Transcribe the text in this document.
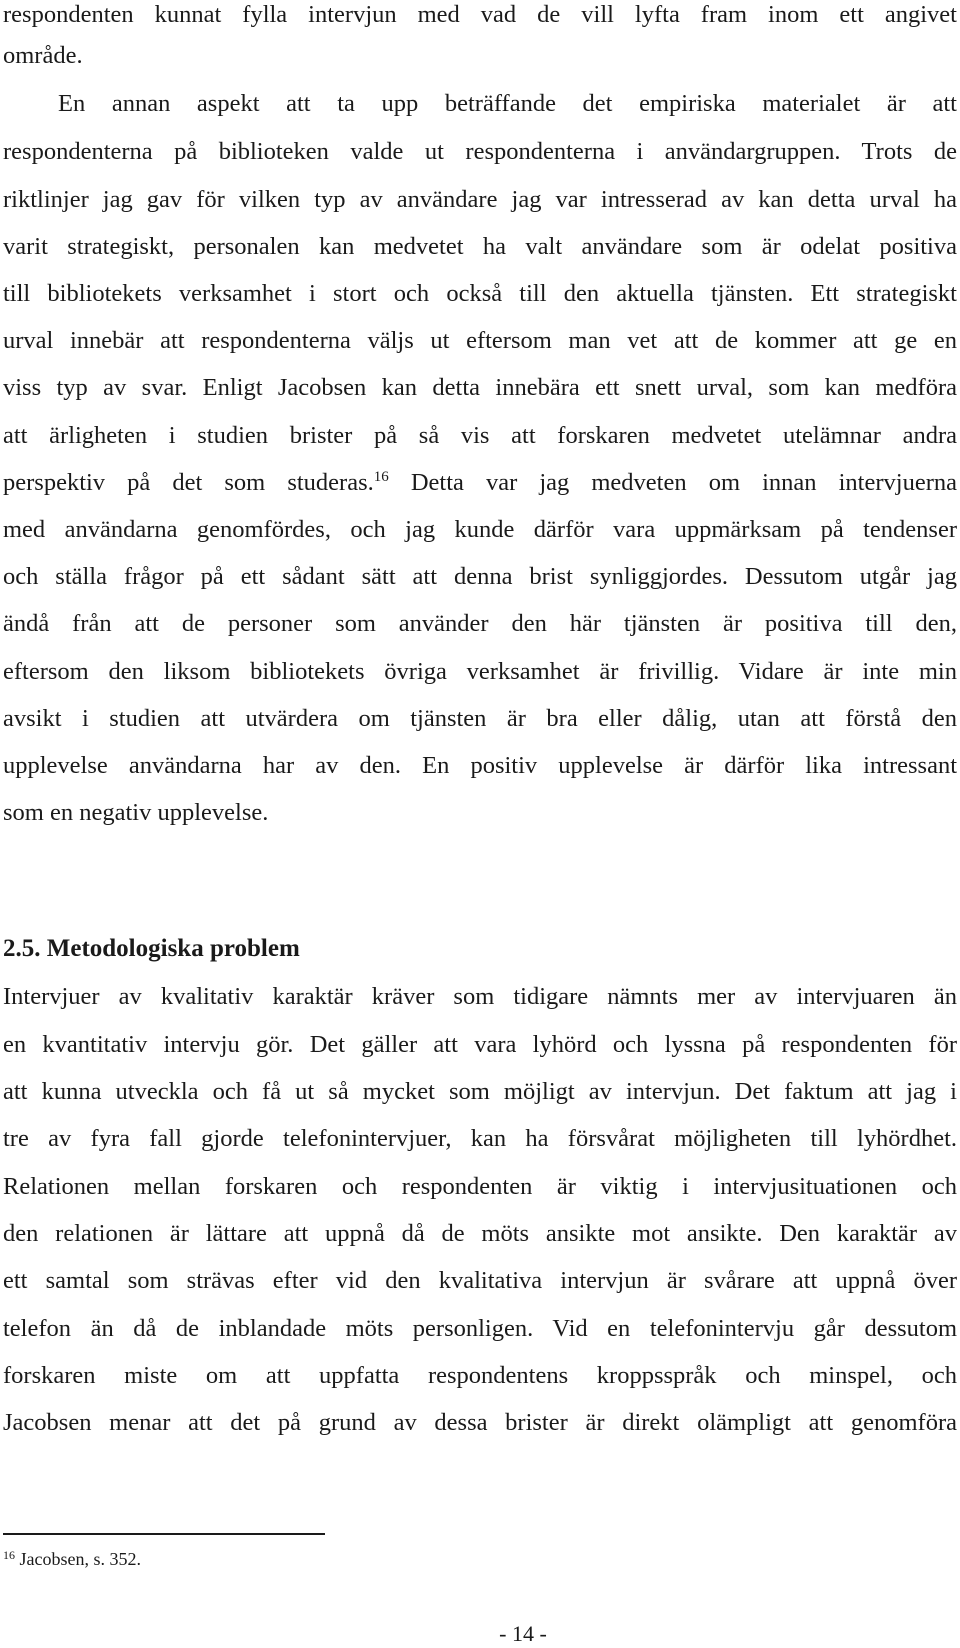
respondenten kunnat fylla intervjun med vad de vill lyfta fram inom ett angivet
område.
En annan aspekt att ta upp beträffande det empiriska materialet är att
respondenterna på biblioteken valde ut respondenterna i användargruppen. Trots de
riktlinjer jag gav för vilken typ av användare jag var intresserad av kan detta urval ha
varit strategiskt, personalen kan medvetet ha valt användare som är odelat positiva
till bibliotekets verksamhet i stort och också till den aktuella tjänsten. Ett strategiskt
urval innebär att respondenterna väljs ut eftersom man vet att de kommer att ge en
viss typ av svar. Enligt Jacobsen kan detta innebära ett snett urval, som kan medföra
att ärligheten i studien brister på så vis att forskaren medvetet utelämnar andra
perspektiv på det som studeras.$^{16}$ Detta var jag medveten om innan intervjuerna
med användarna genomfördes, och jag kunde därför vara uppmärksam på tendenser
och ställa frågor på ett sådant sätt att denna brist synliggjordes. Dessutom utgår jag
ändå från att de personer som använder den här tjänsten är positiva till den,
eftersom den liksom bibliotekets övriga verksamhet är frivillig. Vidare är inte min
avsikt i studien att utvärdera om tjänsten är bra eller dålig, utan att förstå den
upplevelse användarna har av den. En positiv upplevelse är därför lika intressant
som en negativ upplevelse.
2.5. Metodologiska problem
Intervjuer av kvalitativ karaktär kräver som tidigare nämnts mer av intervjuaren än
en kvantitativ intervju gör. Det gäller att vara lyhörd och lyssna på respondenten för
att kunna utveckla och få ut så mycket som möjligt av intervjun. Det faktum att jag i
tre av fyra fall gjorde telefonintervjuer, kan ha försvårat möjligheten till lyhördhet.
Relationen mellan forskaren och respondenten är viktig i intervjusituationen och
den relationen är lättare att uppnå då de möts ansikte mot ansikte. Den karaktär av
ett samtal som strävas efter vid den kvalitativa intervjun är svårare att uppnå över
telefon än då de inblandade möts personligen. Vid en telefonintervju går dessutom
forskaren miste om att uppfatta respondentens kroppsspråk och minspel, och
Jacobsen menar att det på grund av dessa brister är direkt olämpligt att genomföra
$^{16}$ Jacobsen, s. 352.
- 14 -
